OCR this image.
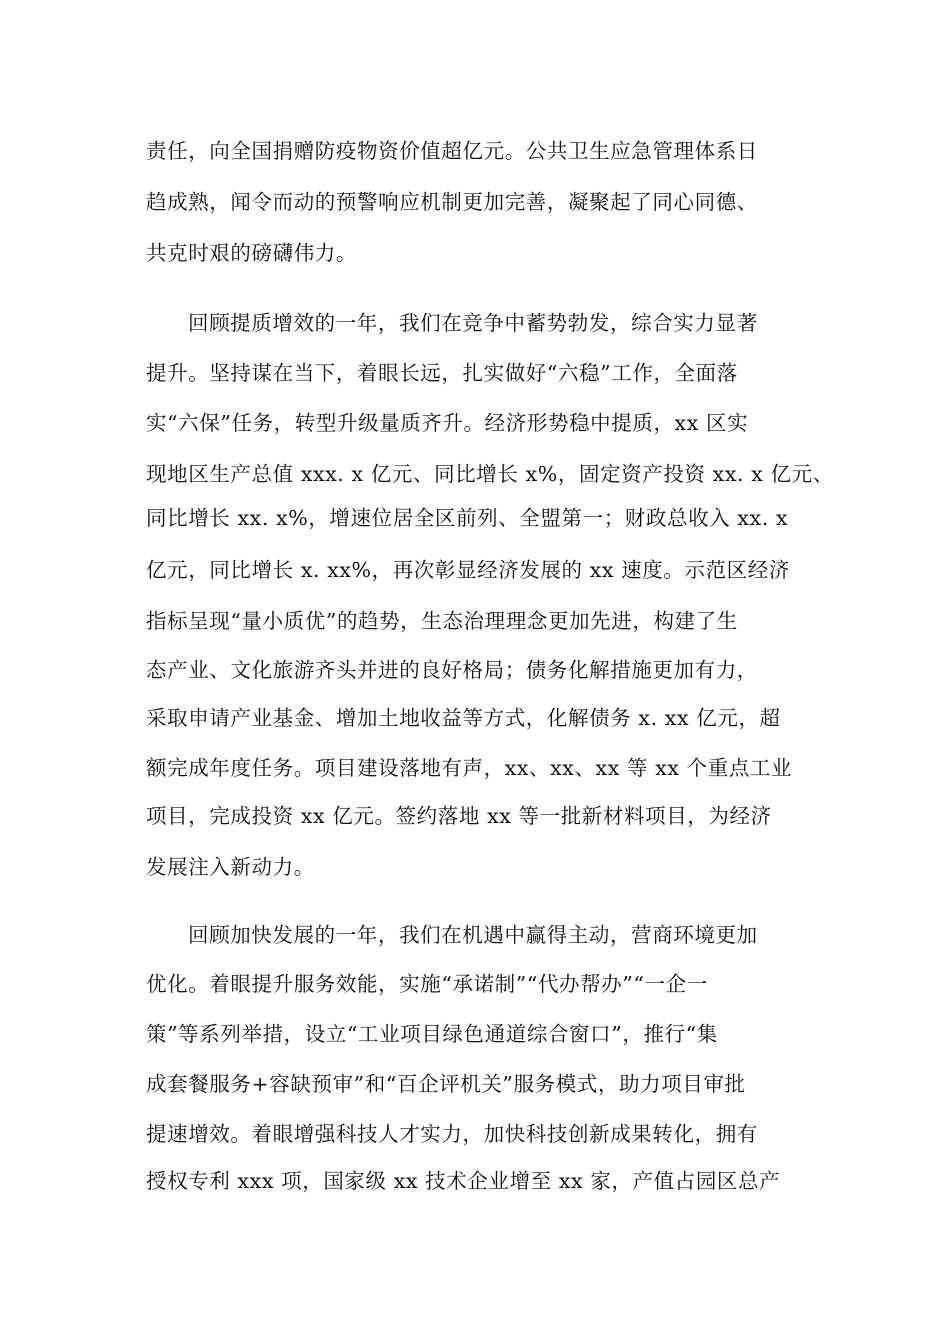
责任，向全国捐赠防疫物资价值超亿元。公共卫生应急管理体系日
趋成熟，闻令而动的预警响应机制更加完善，凝聚起了同心同德、
共克时艰的磅礴伟力。
回顾提质增效的一年，我们在竞争中蓄势勃发，综合实力显著
提升。坚持谋在当下，着眼长远，扎实做好“六稳”工作，全面落
实“六保”任务，转型升级量质齐升。经济形势稳中提质，xx 区实
现地区生产总值 xxx. x 亿元、同比增长 x%，固定资产投资 xx. x 亿元、
同比增长 xx. x%，增速位居全区前列、全盟第一；财政总收入 xx. x
亿元，同比增长 x. xx%，再次彰显经济发展的 xx 速度。示范区经济
指标呈现“量小质优”的趋势，生态治理理念更加先进，构建了生
态产业、文化旅游齐头并进的良好格局；债务化解措施更加有力，
采取申请产业基金、增加土地收益等方式，化解债务 x. xx 亿元，超
额完成年度任务。项目建设落地有声，xx、xx、xx 等 xx 个重点工业
项目，完成投资 xx 亿元。签约落地 xx 等一批新材料项目，为经济
发展注入新动力。
回顾加快发展的一年，我们在机遇中赢得主动，营商环境更加
优化。着眼提升服务效能，实施“承诺制”“代办帮办”“一企一
策”等系列举措，设立“工业项目绿色通道综合窗口”，推行“集
成套餐服务+容缺预审”和“百企评机关”服务模式，助力项目审批
提速增效。着眼增强科技人才实力，加快科技创新成果转化，拥有
授权专利 xxx 项，国家级 xx 技术企业增至 xx 家，产值占园区总产
